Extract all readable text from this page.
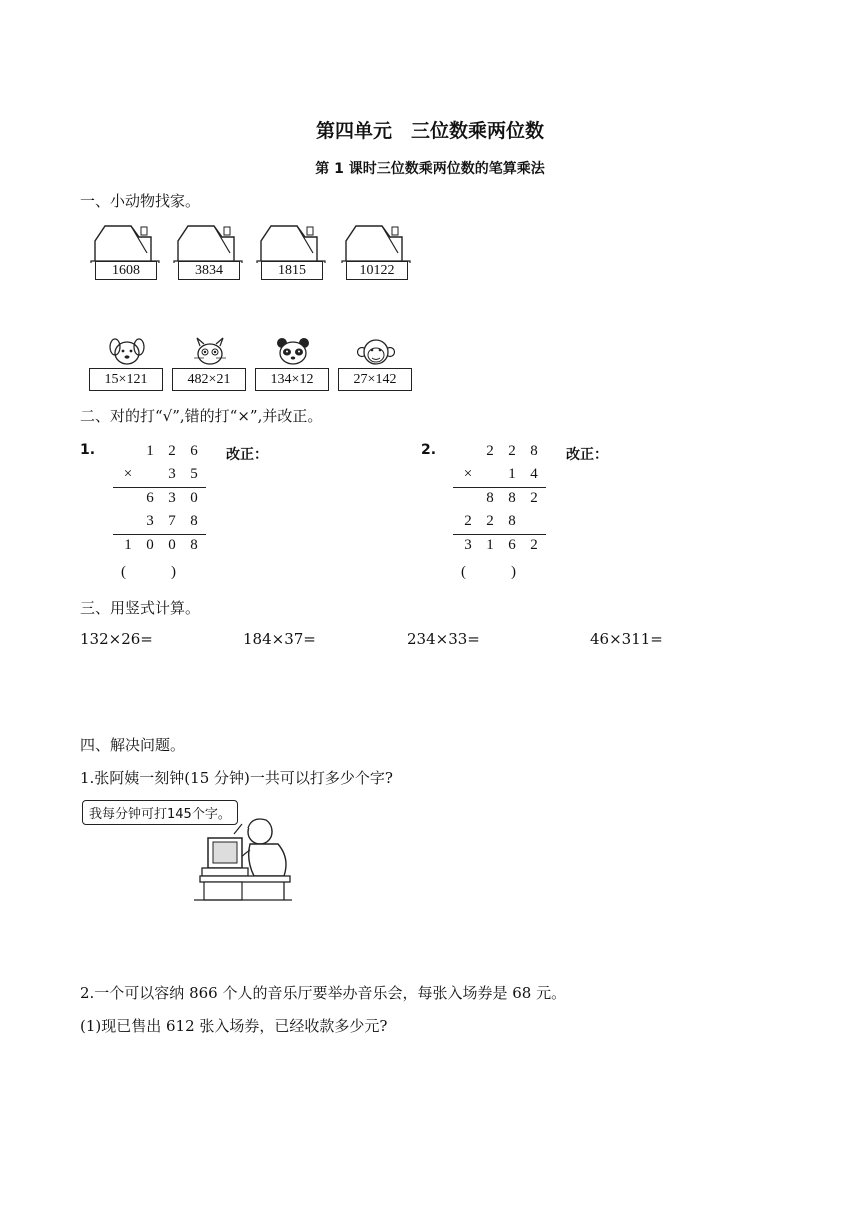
第四单元　三位数乘两位数
第 1 课时三位数乘两位数的笔算乘法
一、小动物找家。
1608	3834	1815	10122
15×121	482×21	134×12	27×142
二、对的打“√”,错的打“×”,并改正。
1.	改正：
1 2 6
× 3 5
6 3 0
3 7 8
1 0 0 8
(　　　)
2.	改正：
2 2 8
× 1 4
8 8 2
2 2 8
3 1 6 2
(　　　)
三、用竖式计算。
132×26=	184×37=	234×33=	46×311=
四、解决问题。
1.张阿姨一刻钟(15 分钟)一共可以打多少个字?
我每分钟可打145个字。
2.一个可以容纳 866 个人的音乐厅要举办音乐会，每张入场券是 68 元。
(1)现已售出 612 张入场券，已经收款多少元?
